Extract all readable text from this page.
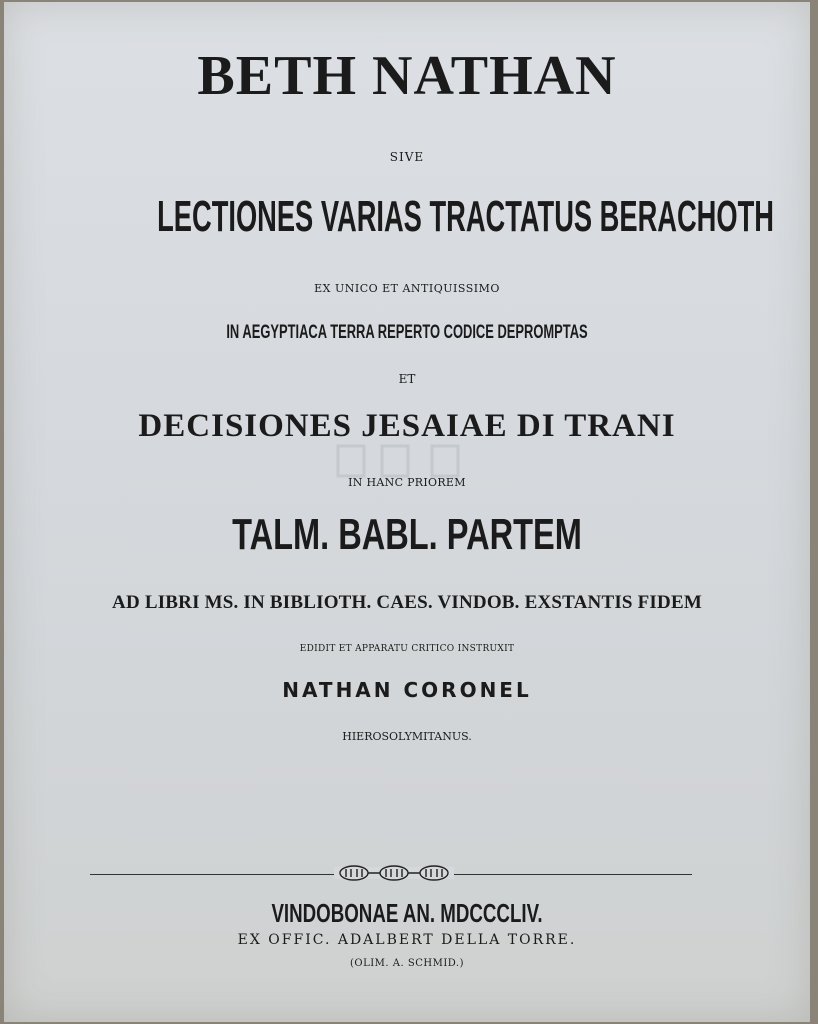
BETH NATHAN
SIVE
LECTIONES VARIAS TRACTATUS BERACHOTH
EX UNICO ET ANTIQUISSIMO
IN AEGYPTIACA TERRA REPERTO CODICE DEPROMPTAS
ET
DECISIONES JESAIAE DI TRANI
IN HANC PRIOREM
TALM. BABL. PARTEM
AD LIBRI MS. IN BIBLIOTH. CAES. VINDOB. EXSTANTIS FIDEM
EDIDIT ET APPARATU CRITICO INSTRUXIT
NATHAN CORONEL
HIEROSOLYMITANUS.
VINDOBONAE AN. MDCCCLIV.
EX OFFIC. ADALBERT DELLA TORRE.
(OLIM. A. SCHMID.)
